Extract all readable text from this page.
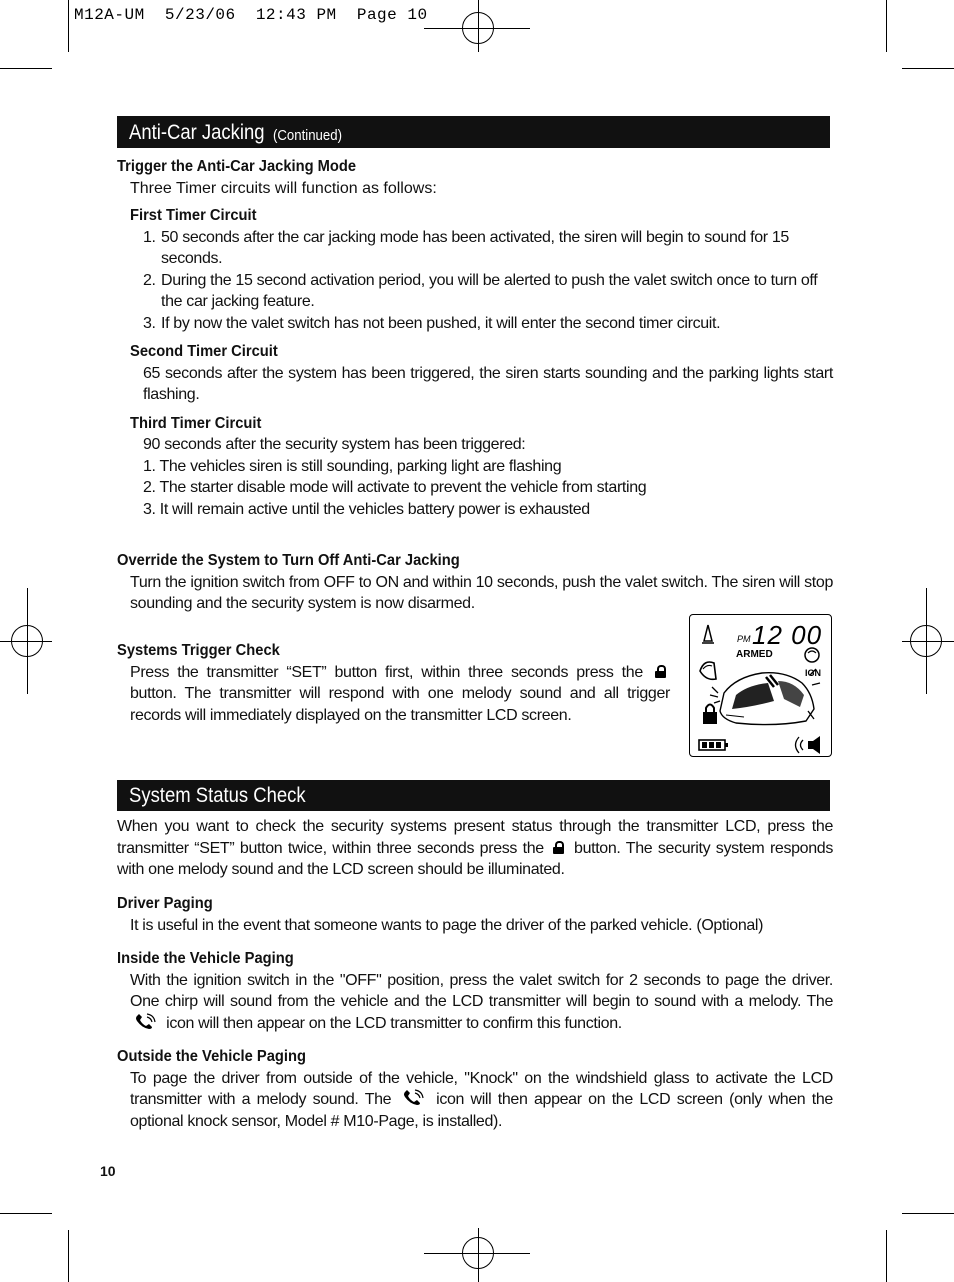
M12A-UM  5/23/06  12:43 PM  Page 10
Anti-Car Jacking (Continued)
Trigger the Anti-Car Jacking Mode
Three Timer circuits will function as follows:
First Timer Circuit
1. 50 seconds after the car jacking mode has been activated, the siren will begin to sound for 15 seconds.
2. During the 15 second activation period, you will be alerted to push the valet switch once to turn off the car jacking feature.
3. If by now the valet switch has not been pushed, it will enter the second timer circuit.
Second Timer Circuit
65 seconds after the system has been triggered, the siren starts sounding and the parking lights start flashing.
Third Timer Circuit
90 seconds after the security system has been triggered:
1. The vehicles siren is still sounding, parking light are flashing
2. The starter disable mode will activate to prevent the vehicle from starting
3. It will remain active until the vehicles battery power is exhausted
Override the System to Turn Off Anti-Car Jacking
Turn the ignition switch from OFF to ON and within 10 seconds, push the valet switch. The siren will stop sounding and the security system is now disarmed.
Systems Trigger Check
Press the transmitter “SET” button first, within three seconds press the  button. The transmitter will respond with one melody sound and all trigger records will immediately displayed on the transmitter LCD screen.
PM 12 00
ARMED
IGN
System Status Check
When you want to check the security systems present status through the transmitter LCD, press the transmitter “SET” button twice, within three seconds press the button. The security system responds with one melody sound and the LCD screen should be illuminated.
Driver Paging
It is useful in the event that someone wants to page the driver of the parked vehicle. (Optional)
Inside the Vehicle Paging
With the ignition switch in the "OFF" position, press the valet switch for 2 seconds to page the driver. One chirp will sound from the vehicle and the LCD transmitter will begin to sound with a melody. The  icon will then appear on the LCD transmitter to confirm this function.
Outside the Vehicle Paging
To page the driver from outside of the vehicle, "Knock" on the windshield glass to activate the LCD transmitter with a melody sound. The	icon will then appear on the LCD screen (only when the optional knock sensor, Model # M10-Page, is installed).
10
